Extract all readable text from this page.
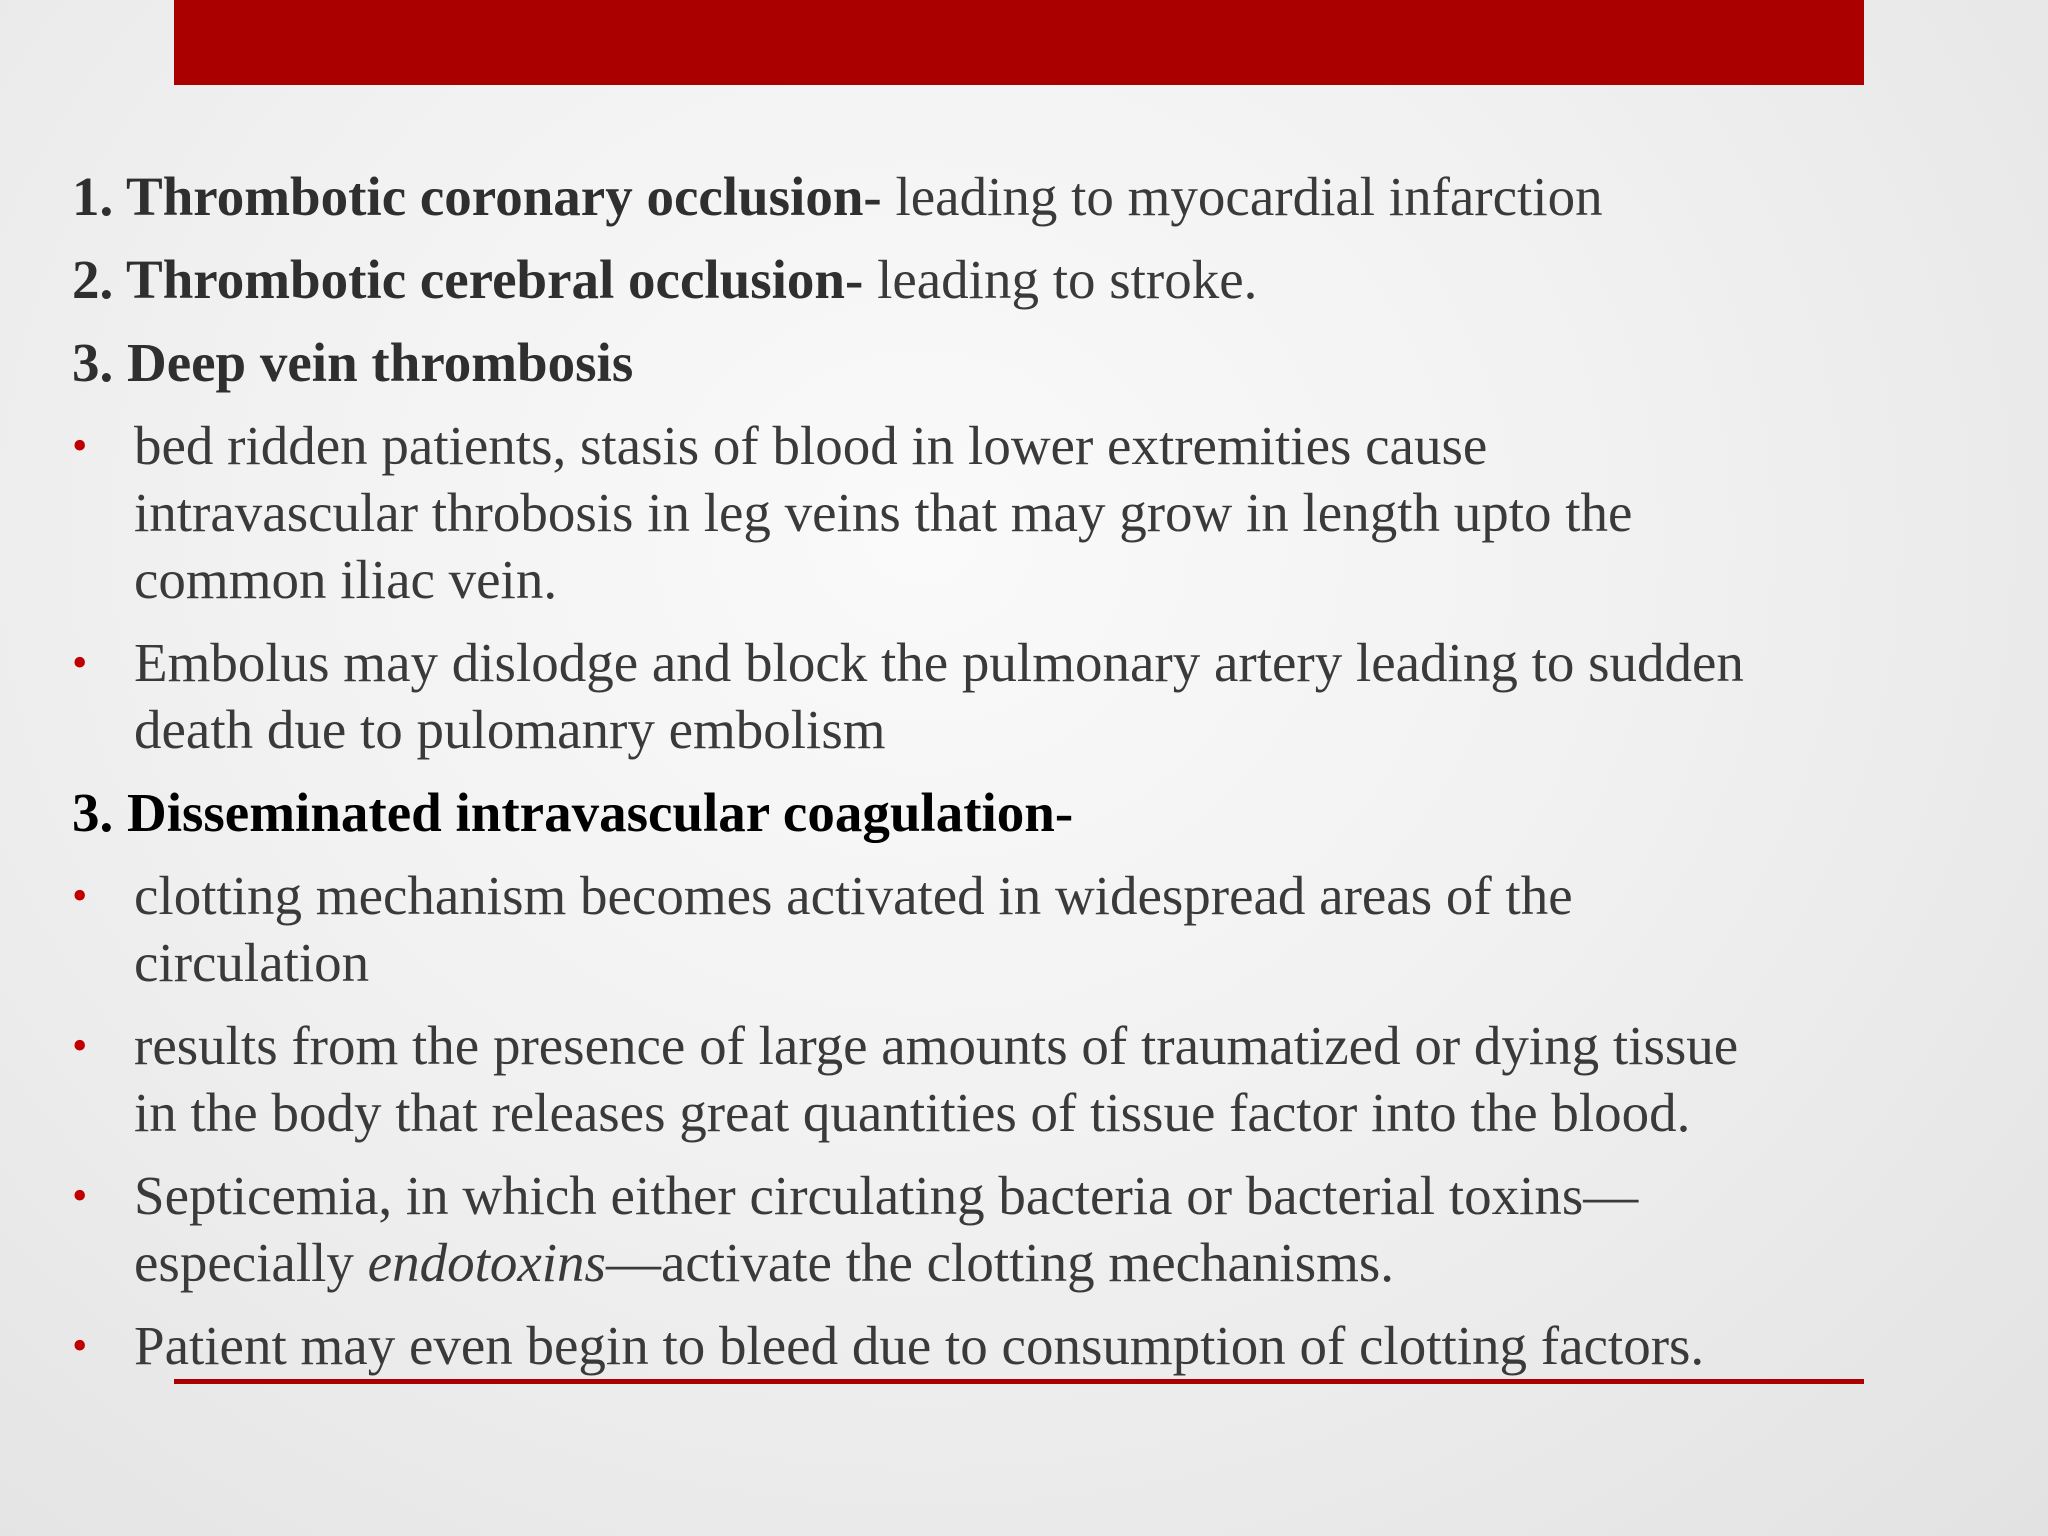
1. Thrombotic coronary occlusion- leading to myocardial infarction
2. Thrombotic cerebral occlusion- leading to stroke.
3. Deep vein thrombosis
• bed ridden patients, stasis of blood in lower extremities cause
intravascular throbosis in leg veins that may grow in length upto the
common iliac vein.
• Embolus may dislodge and block the pulmonary artery leading to sudden
death due to pulomanry embolism
3. Disseminated intravascular coagulation-
• clotting mechanism becomes activated in widespread areas of the
circulation
• results from the presence of large amounts of traumatized or dying tissue
in the body that releases great quantities of tissue factor into the blood.
• Septicemia, in which either circulating bacteria or bacterial toxins—
especially endotoxins—activate the clotting mechanisms.
• Patient may even begin to bleed due to consumption of clotting factors.
